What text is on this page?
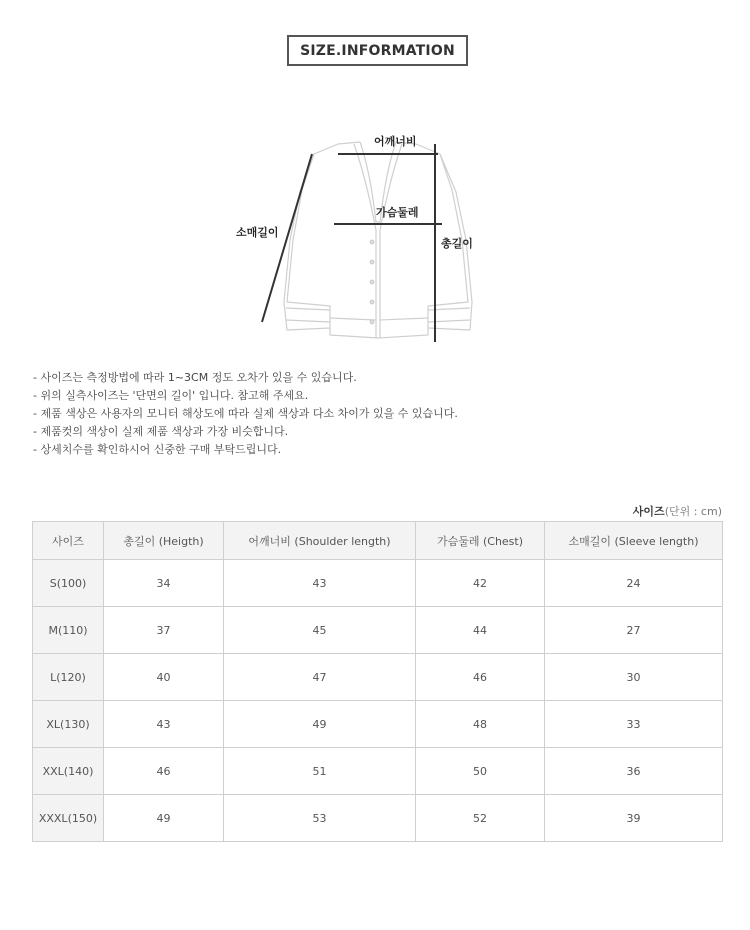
SIZE.INFORMATION
어깨너비
가슴둘레
소매길이
총길이
- 사이즈는 측정방법에 따라 1~3CM 정도 오차가 있을 수 있습니다.
- 위의 실측사이즈는 '단면의 길이' 입니다. 참고해 주세요.
- 제품 색상은 사용자의 모니터 해상도에 따라 실제 색상과 다소 차이가 있을 수 있습니다.
- 제품컷의 색상이 실제 제품 색상과 가장 비슷합니다.
- 상세치수를 확인하시어 신중한 구매 부탁드립니다.
사이즈(단위 : cm)
사이즈	총길이 (Heigth)	어깨너비 (Shoulder length)	가슴둘레 (Chest)	소매길이 (Sleeve length)
S(100)	34	43	42	24
M(110)	37	45	44	27
L(120)	40	47	46	30
XL(130)	43	49	48	33
XXL(140)	46	51	50	36
XXXL(150)	49	53	52	39
